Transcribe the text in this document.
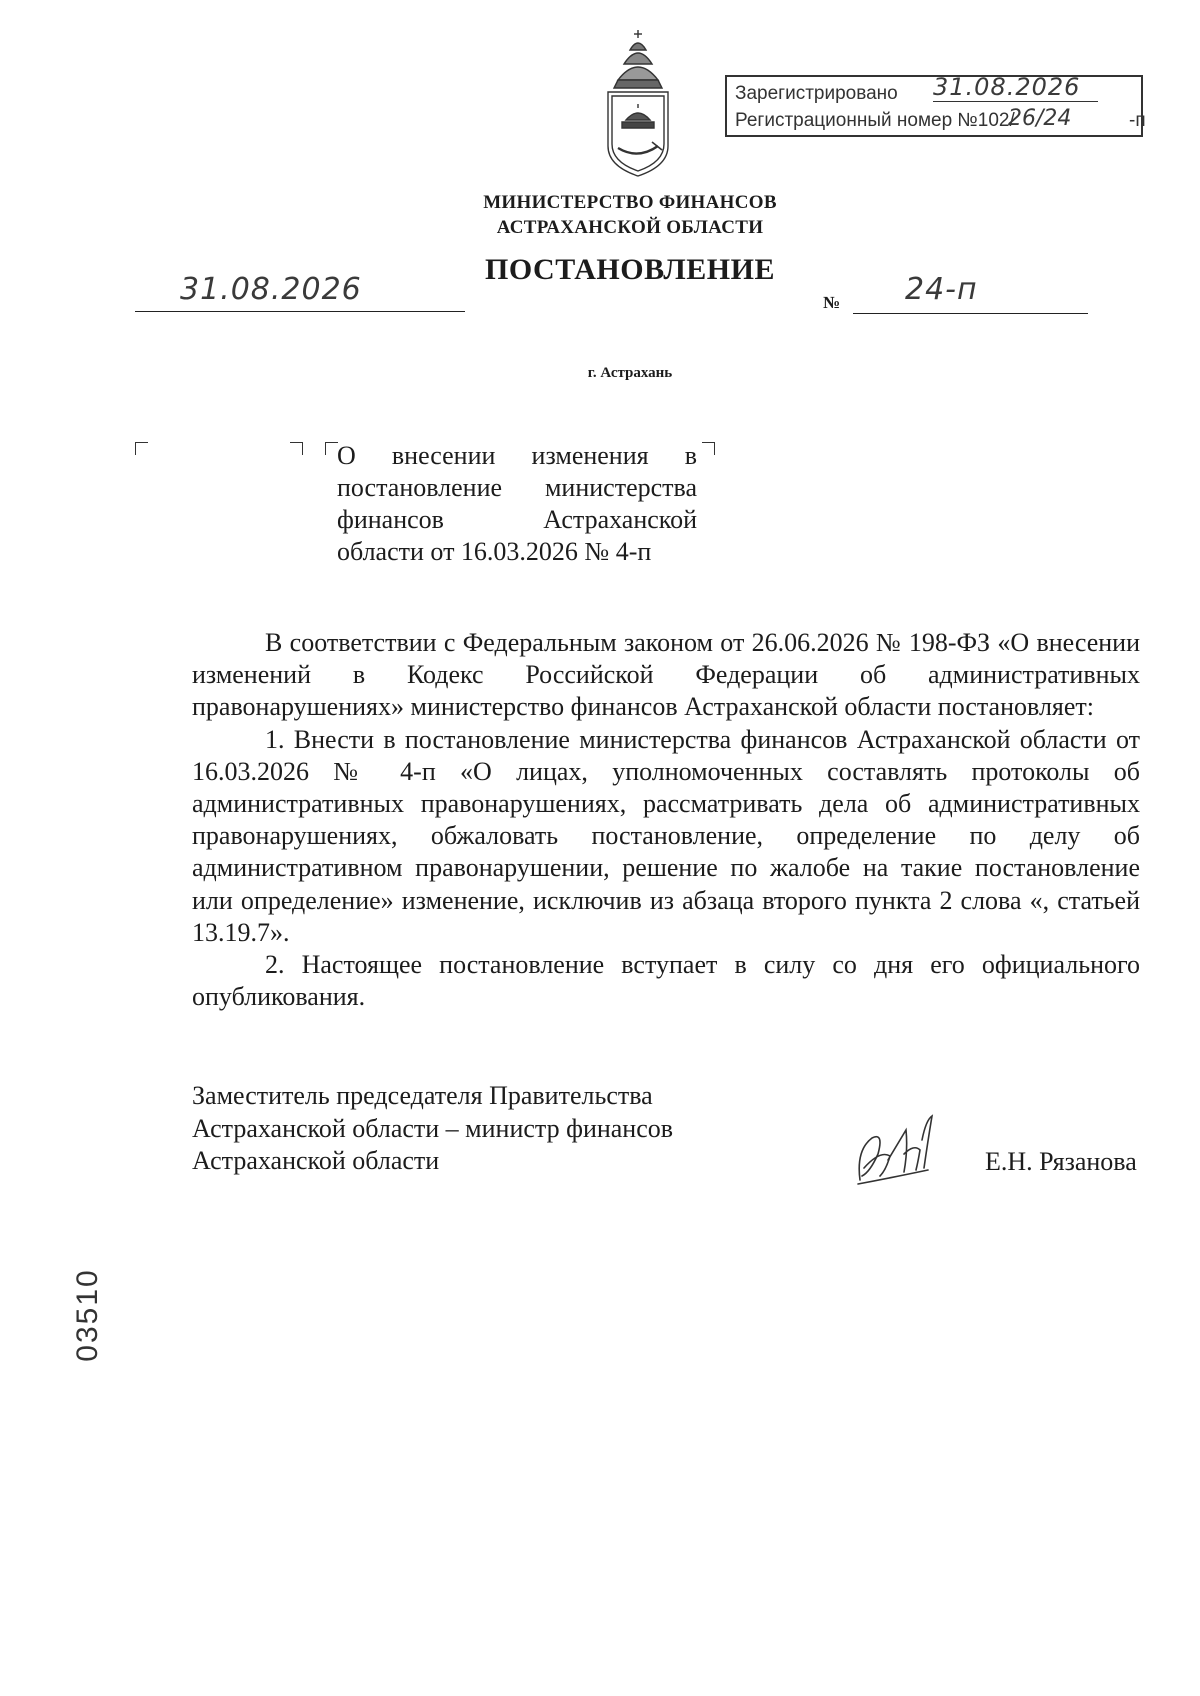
Зарегистрировано 31.08.2026
Регистрационный номер №102/
26/24	-п
МИНИСТЕРСТВО ФИНАНСОВ
АСТРАХАНСКОЙ ОБЛАСТИ
ПОСТАНОВЛЕНИЕ
31.08.2026	№ 24-п
г. Астрахань
О внесении изменения в постановление министерства финансов Астраханской области от 16.03.2026 № 4-п

В соответствии с Федеральным законом от 26.06.2026 № 198-ФЗ «О внесении изменений в Кодекс Российской Федерации об административных правонарушениях» министерство финансов Астраханской области постановляет:

1. Внести в постановление министерства финансов Астраханской области от 16.03.2026 № 4-п «О лицах, уполномоченных составлять протоколы об административных правонарушениях, рассматривать дела об административных правонарушениях, обжаловать постановление, определение по делу об административном правонарушении, решение по жалобе на такие постановление или определение» изменение, исключив из абзаца второго пункта 2 слова «, статьей 13.19.7».

2. Настоящее постановление вступает в силу со дня его официального опубликования.

Заместитель председателя Правительства
Астраханской области – министр финансов
Астраханской области	Е.Н. Рязанова
03510
